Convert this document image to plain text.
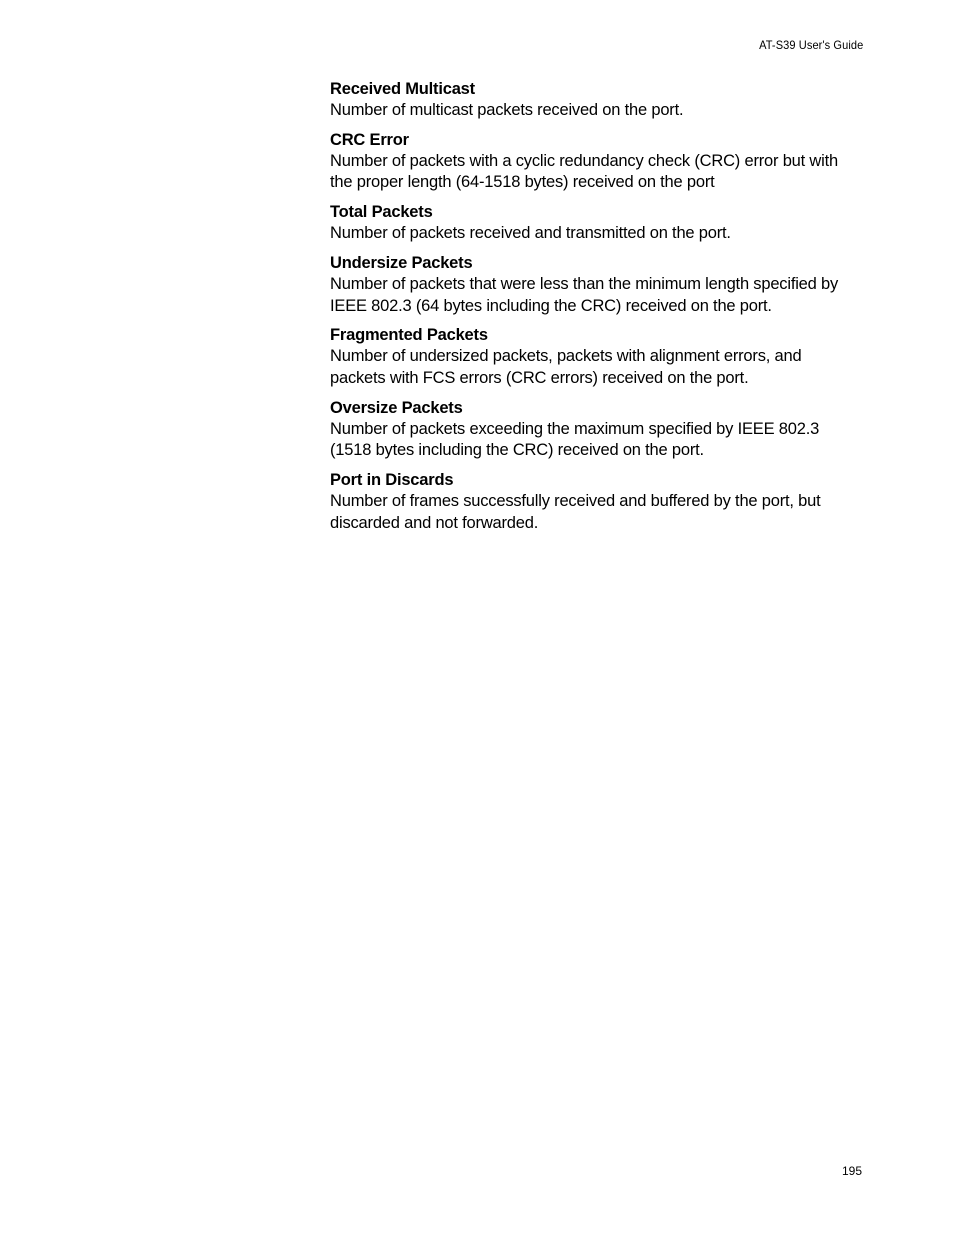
AT-S39 User's Guide
Received Multicast

Number of multicast packets received on the port.

CRC Error

Number of packets with a cyclic redundancy check (CRC) error but with the proper length (64-1518 bytes) received on the port

Total Packets

Number of packets received and transmitted on the port.

Undersize Packets

Number of packets that were less than the minimum length specified by IEEE 802.3 (64 bytes including the CRC) received on the port.

Fragmented Packets

Number of undersized packets, packets with alignment errors, and packets with FCS errors (CRC errors) received on the port.

Oversize Packets

Number of packets exceeding the maximum specified by IEEE 802.3 (1518 bytes including the CRC) received on the port.

Port in Discards

Number of frames successfully received and buffered by the port, but discarded and not forwarded.

195
